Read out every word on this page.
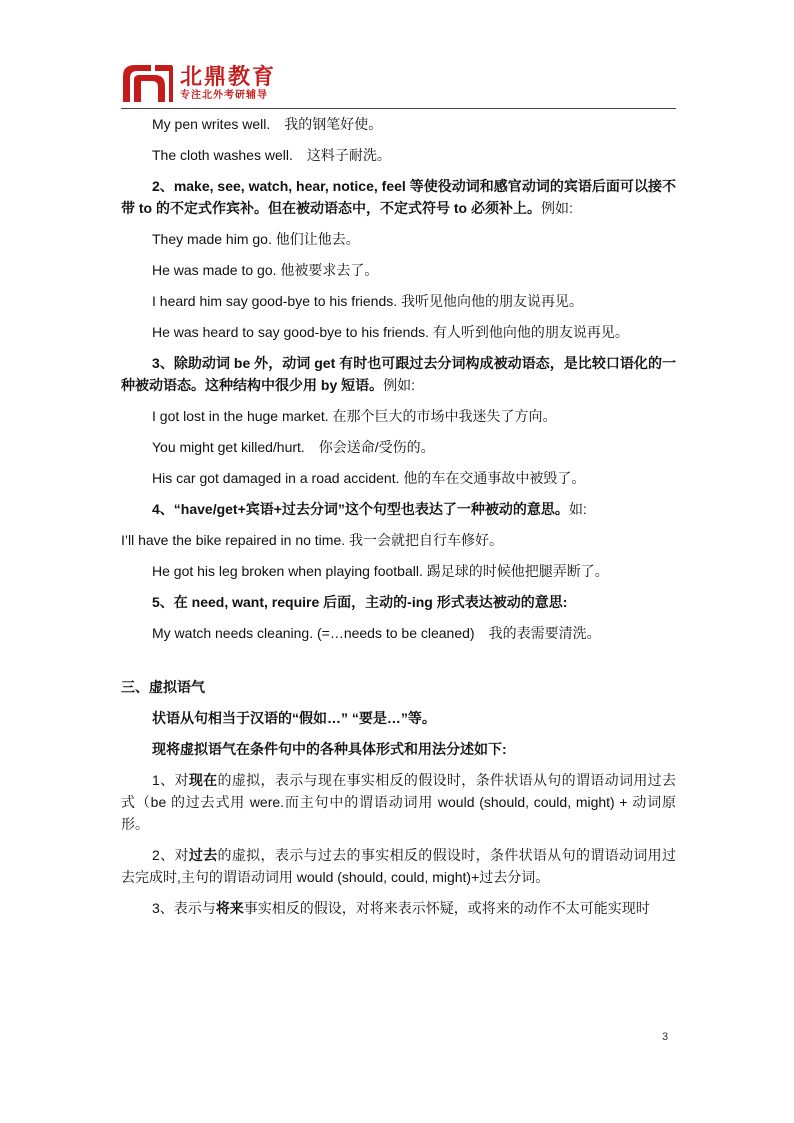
北鼎教育
专注北外考研辅导

My pen writes well.　我的钢笔好使。

The cloth washes well.　这料子耐洗。

2、make, see, watch, hear, notice, feel 等使役动词和感官动词的宾语后面可以接不带 to 的不定式作宾补。但在被动语态中，不定式符号 to 必须补上。例如:

They made him go. 他们让他去。

He was made to go. 他被要求去了。

I heard him say good-bye to his friends. 我听见他向他的朋友说再见。

He was heard to say good-bye to his friends. 有人听到他向他的朋友说再见。

3、除助动词 be 外，动词 get 有时也可跟过去分词构成被动语态，是比较口语化的一种被动语态。这种结构中很少用 by 短语。例如:

I got lost in the huge market. 在那个巨大的市场中我迷失了方向。

You might get killed/hurt.　你会送命/受伤的。

His car got damaged in a road accident. 他的车在交通事故中被毁了。

4、“have/get+宾语+过去分词”这个句型也表达了一种被动的意思。如:

I’ll have the bike repaired in no time. 我一会就把自行车修好。

He got his leg broken when playing football. 踢足球的时候他把腿弄断了。

5、在 need, want, require 后面，主动的-ing 形式表达被动的意思:

My watch needs cleaning. (=…needs to be cleaned)　我的表需要清洗。

三、虚拟语气

状语从句相当于汉语的“假如…” “要是…”等。

现将虚拟语气在条件句中的各种具体形式和用法分述如下:

1、对现在的虚拟，表示与现在事实相反的假设时，条件状语从句的谓语动词用过去式（be 的过去式用 were.而主句中的谓语动词用 would (should, could, might) + 动词原形。

2、对过去的虚拟，表示与过去的事实相反的假设时，条件状语从句的谓语动词用过去完成时,主句的谓语动词用 would (should, could, might)+过去分词。

3、表示与将来事实相反的假设，对将来表示怀疑，或将来的动作不太可能实现时

3
